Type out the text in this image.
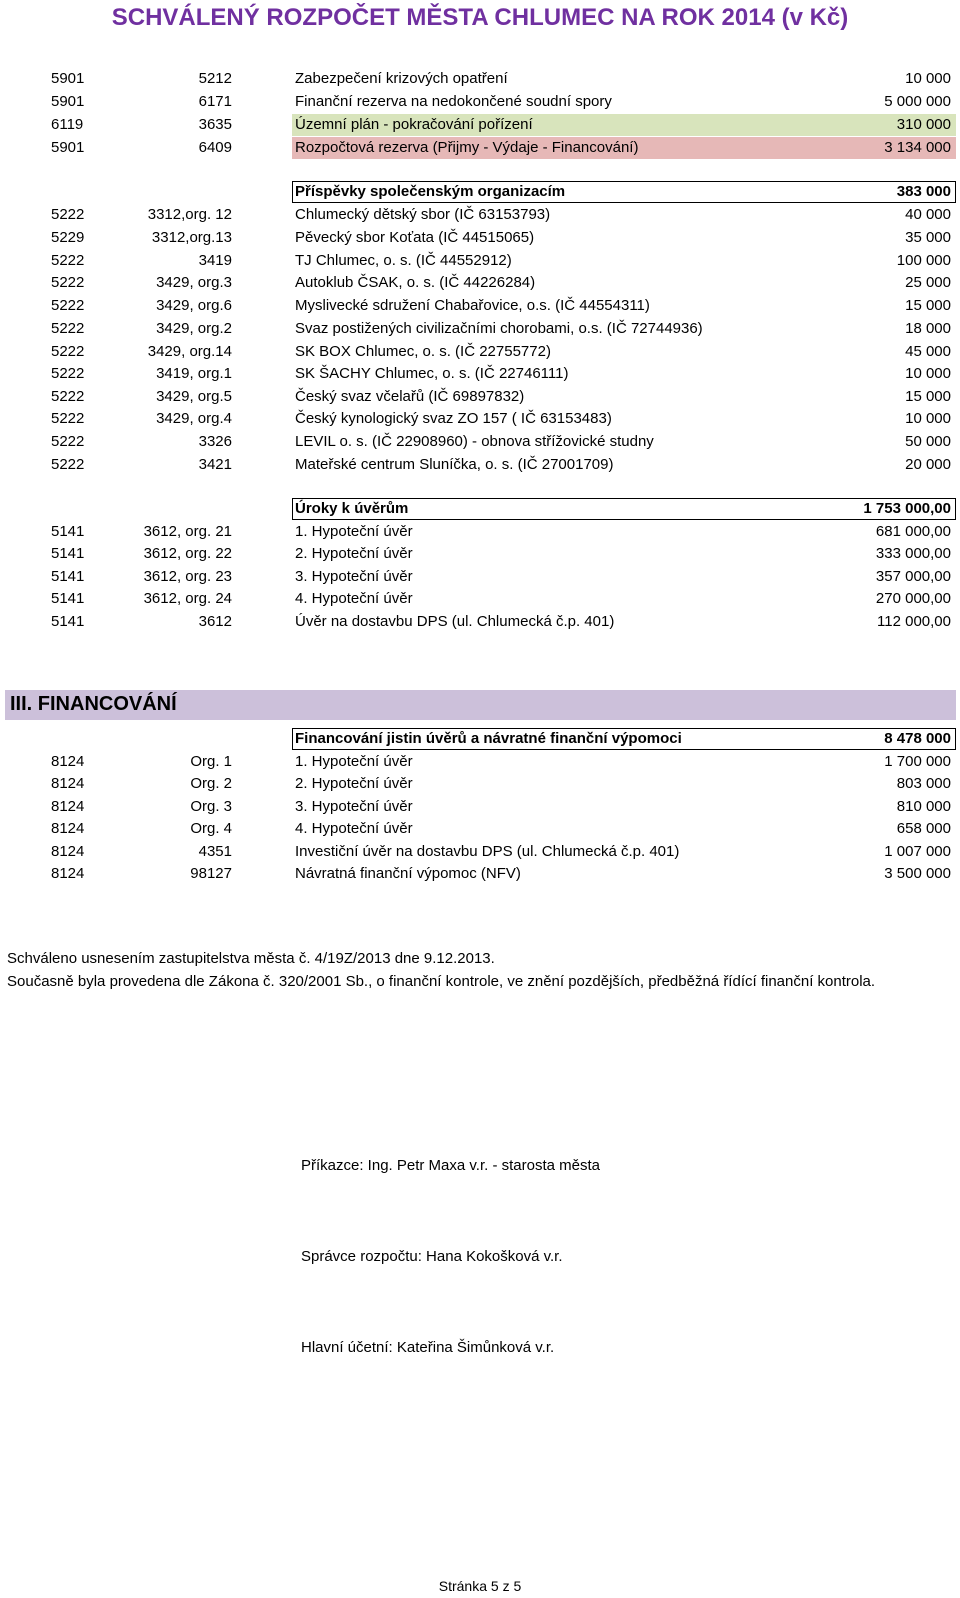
SCHVÁLENÝ ROZPOČET MĚSTA CHLUMEC NA ROK 2014 (v Kč)
5901	5212	Zabezpečení krizových opatření	10 000
5901	6171	Finanční rezerva na nedokončené soudní spory	5 000 000
6119	3635	Územní plán - pokračování pořízení	310 000
5901	6409	Rozpočtová rezerva (Přijmy - Výdaje - Financování)	3 134 000
Příspěvky společenským organizacím	383 000
5222	3312,org. 12	Chlumecký dětský sbor (IČ 63153793)	40 000
5229	3312,org.13	Pěvecký sbor Koťata (IČ 44515065)	35 000
5222	3419	TJ Chlumec, o. s. (IČ 44552912)	100 000
5222	3429, org.3	Autoklub ČSAK, o. s. (IČ 44226284)	25 000
5222	3429, org.6	Myslivecké sdružení Chabařovice, o.s. (IČ 44554311)	15 000
5222	3429, org.2	Svaz postižených civilizačními chorobami, o.s. (IČ 72744936)	18 000
5222	3429, org.14	SK BOX Chlumec, o. s. (IČ 22755772)	45 000
5222	3419, org.1	SK ŠACHY Chlumec, o. s. (IČ 22746111)	10 000
5222	3429, org.5	Český svaz včelařů (IČ 69897832)	15 000
5222	3429, org.4	Český kynologický svaz ZO 157 ( IČ 63153483)	10 000
5222	3326	LEVIL o. s. (IČ 22908960) - obnova střížovické studny	50 000
5222	3421	Mateřské centrum Sluníčka, o. s. (IČ 27001709)	20 000
Úroky k úvěrům	1 753 000,00
5141	3612, org. 21	1. Hypoteční úvěr	681 000,00
5141	3612, org. 22	2. Hypoteční úvěr	333 000,00
5141	3612, org. 23	3. Hypoteční úvěr	357 000,00
5141	3612, org. 24	4. Hypoteční úvěr	270 000,00
5141	3612	Úvěr na dostavbu DPS (ul. Chlumecká č.p. 401)	112 000,00
III. FINANCOVÁNÍ
Financování jistin úvěrů a návratné finanční výpomoci	8 478 000
8124	Org. 1	1. Hypoteční úvěr	1 700 000
8124	Org. 2	2. Hypoteční úvěr	803 000
8124	Org. 3	3. Hypoteční úvěr	810 000
8124	Org. 4	4. Hypoteční úvěr	658 000
8124	4351	Investiční úvěr na dostavbu DPS (ul. Chlumecká č.p. 401)	1 007 000
8124	98127	Návratná finanční výpomoc (NFV)	3 500 000
Schváleno usnesením zastupitelstva města č. 4/19Z/2013 dne 9.12.2013.
Současně byla provedena dle Zákona č. 320/2001 Sb., o finanční kontrole, ve znění pozdějších, předběžná řídící finanční kontrola.
Příkazce: Ing. Petr Maxa v.r. - starosta města
Správce rozpočtu: Hana Kokošková v.r.
Hlavní účetní: Kateřina Šimůnková v.r.
Stránka 5 z 5
